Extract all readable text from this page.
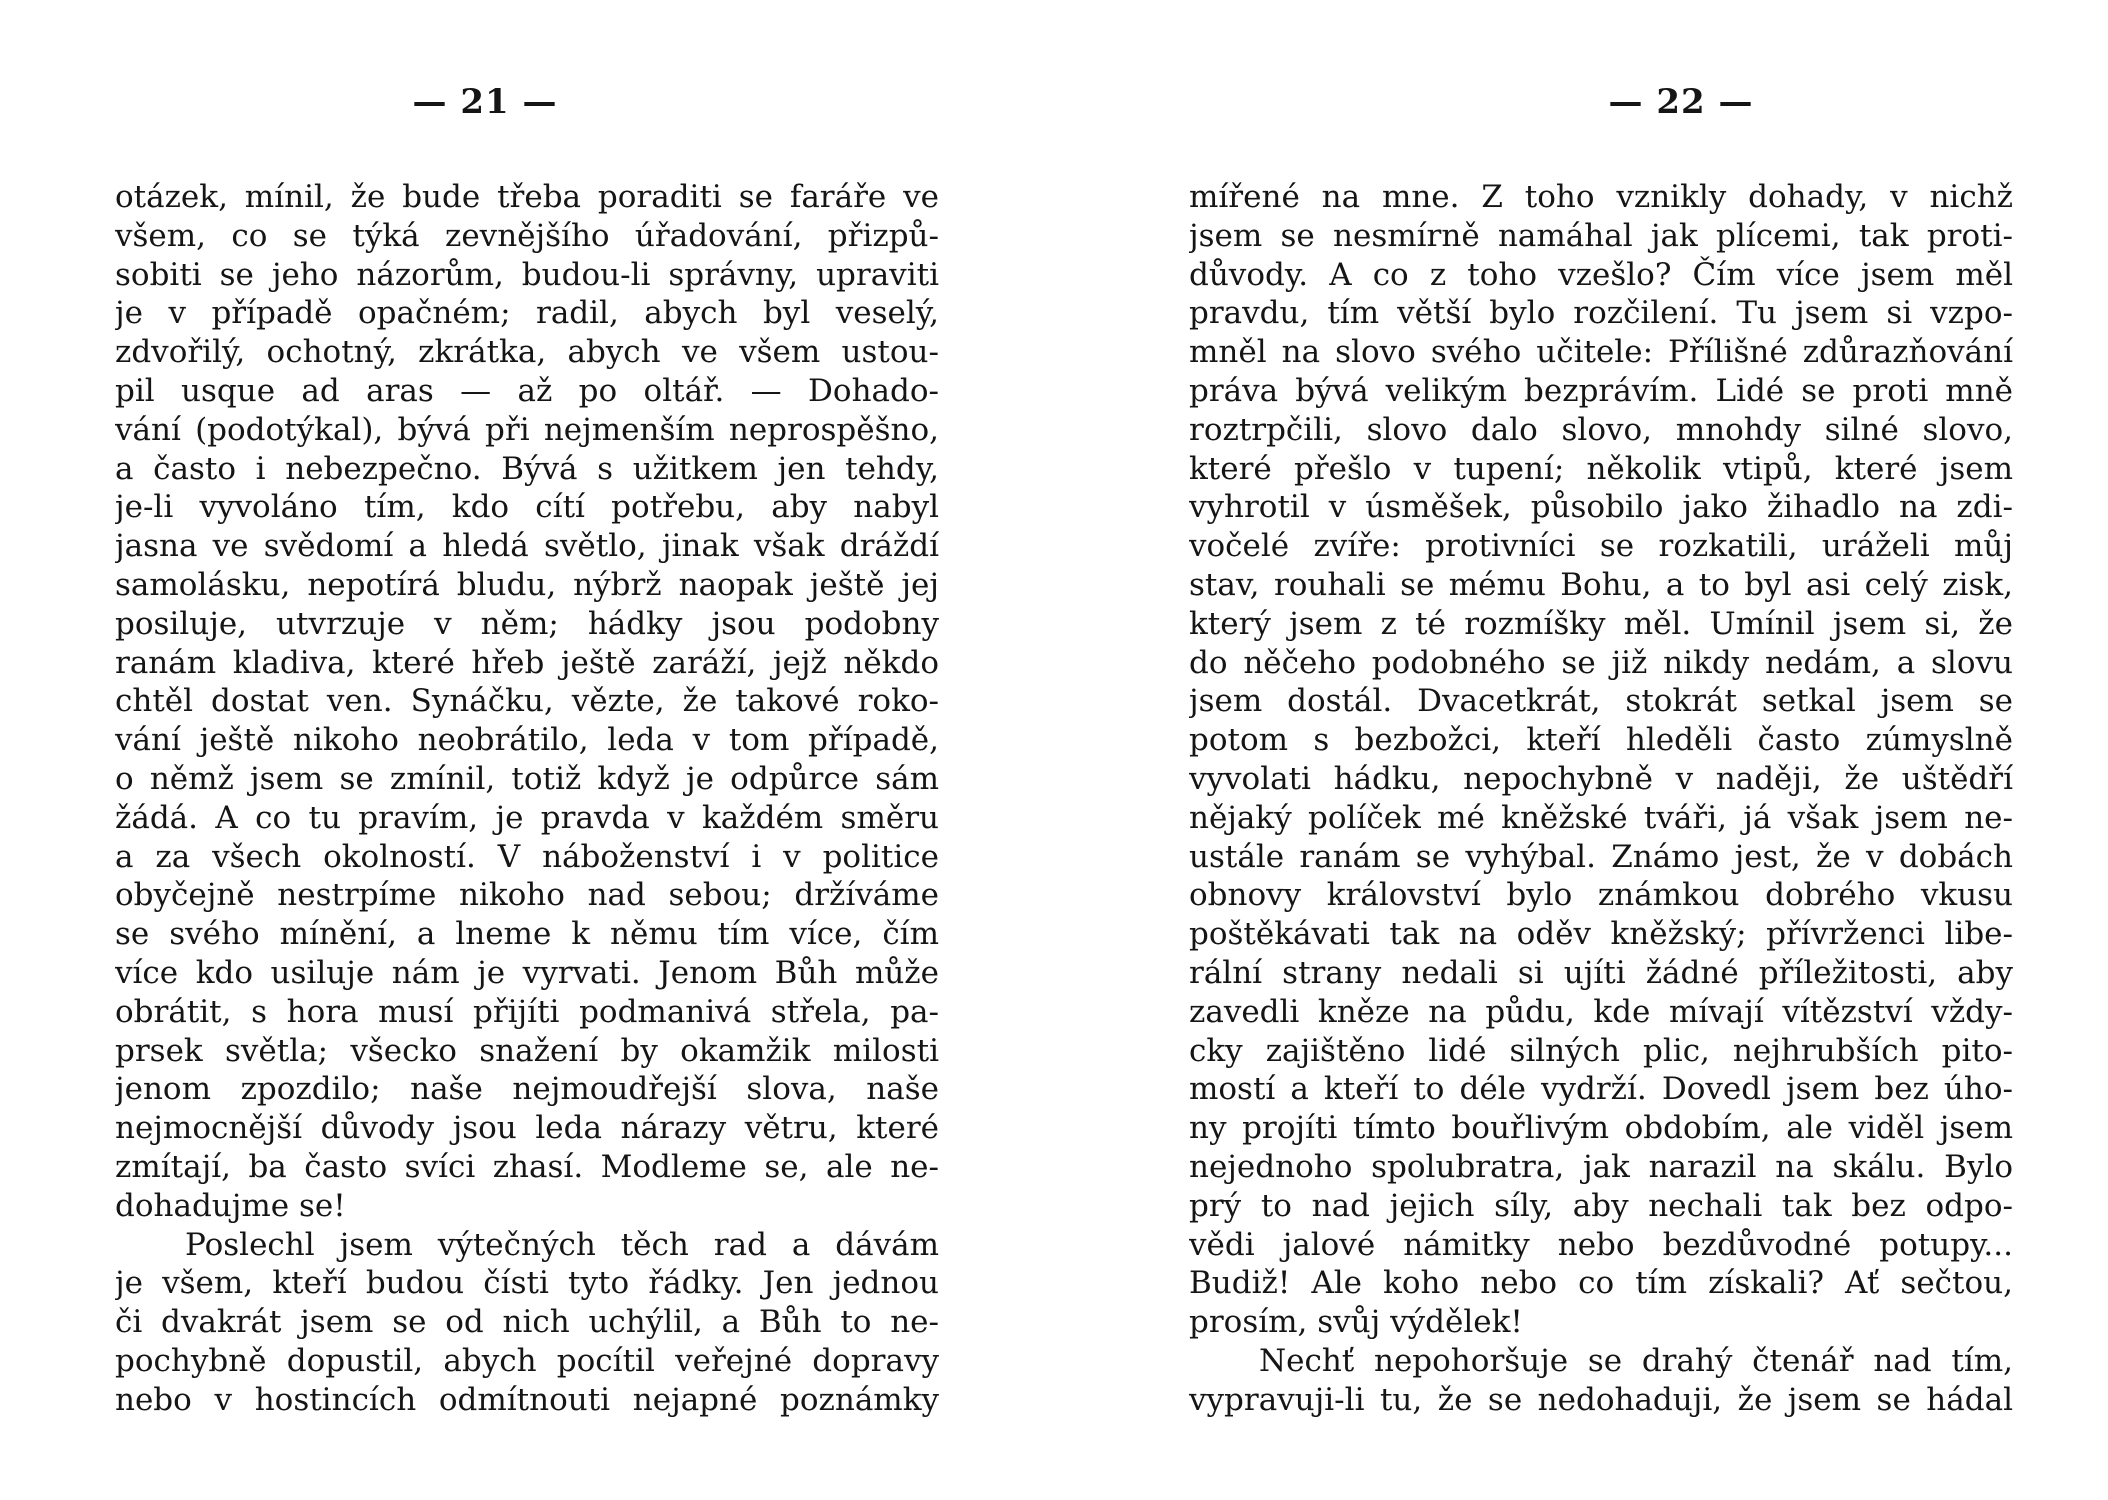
— 21 —
otázek, mínil, že bude třeba poraditi se faráře ve
všem, co se týká zevnějšího úřadování, přizpů-
sobiti se jeho názorům, budou-li správny, upraviti
je v případě opačném; radil, abych byl veselý,
zdvořilý, ochotný, zkrátka, abych ve všem ustou-
pil usque ad aras — až po oltář. — Dohado-
vání (podotýkal), bývá při nejmenším neprospěšno,
a často i nebezpečno. Bývá s užitkem jen tehdy,
je-li vyvoláno tím, kdo cítí potřebu, aby nabyl
jasna ve svědomí a hledá světlo, jinak však dráždí
samolásku, nepotírá bludu, nýbrž naopak ještě jej
posiluje, utvrzuje v něm; hádky jsou podobny
ranám kladiva, které hřeb ještě zaráží, jejž někdo
chtěl dostat ven. Synáčku, vězte, že takové roko-
vání ještě nikoho neobrátilo, leda v tom případě,
o němž jsem se zmínil, totiž když je odpůrce sám
žádá. A co tu pravím, je pravda v každém směru
a za všech okolností. V náboženství i v politice
obyčejně nestrpíme nikoho nad sebou; držíváme
se svého mínění, a lneme k němu tím více, čím
více kdo usiluje nám je vyrvati. Jenom Bůh může
obrátit, s hora musí přijíti podmanivá střela, pa-
prsek světla; všecko snažení by okamžik milosti
jenom zpozdilo; naše nejmoudřejší slova, naše
nejmocnější důvody jsou leda nárazy větru, které
zmítají, ba často svíci zhasí. Modleme se, ale ne-
dohadujme se!
Poslechl jsem výtečných těch rad a dávám
je všem, kteří budou čísti tyto řádky. Jen jednou
či dvakrát jsem se od nich uchýlil, a Bůh to ne-
pochybně dopustil, abych pocítil veřejné dopravy
nebo v hostincích odmítnouti nejapné poznámky
— 22 —
mířené na mne. Z toho vznikly dohady, v nichž
jsem se nesmírně namáhal jak plícemi, tak proti-
důvody. A co z toho vzešlo? Čím více jsem měl
pravdu, tím větší bylo rozčilení. Tu jsem si vzpo-
mněl na slovo svého učitele: Přílišné zdůrazňování
práva bývá velikým bezprávím. Lidé se proti mně
roztrpčili, slovo dalo slovo, mnohdy silné slovo,
které přešlo v tupení; několik vtipů, které jsem
vyhrotil v úsměšek, působilo jako žihadlo na zdi-
vočelé zvíře: protivníci se rozkatili, uráželi můj
stav, rouhali se mému Bohu, a to byl asi celý zisk,
který jsem z té rozmíšky měl. Umínil jsem si, že
do něčeho podobného se již nikdy nedám, a slovu
jsem dostál. Dvacetkrát, stokrát setkal jsem se
potom s bezbožci, kteří hleděli často zúmyslně
vyvolati hádku, nepochybně v naději, že uštědří
nějaký políček mé kněžské tváři, já však jsem ne-
ustále ranám se vyhýbal. Známo jest, že v dobách
obnovy království bylo známkou dobrého vkusu
poštěkávati tak na oděv kněžský; přívrženci libe-
rální strany nedali si ujíti žádné příležitosti, aby
zavedli kněze na půdu, kde mívají vítězství vždy-
cky zajištěno lidé silných plic, nejhrubších pito-
mostí a kteří to déle vydrží. Dovedl jsem bez úho-
ny projíti tímto bouřlivým obdobím, ale viděl jsem
nejednoho spolubratra, jak narazil na skálu. Bylo
prý to nad jejich síly, aby nechali tak bez odpo-
vědi jalové námitky nebo bezdůvodné potupy...
Budiž! Ale koho nebo co tím získali? Ať sečtou,
prosím, svůj výdělek!
Nechť nepohoršuje se drahý čtenář nad tím,
vypravuji-li tu, že se nedohaduji, že jsem se hádal
